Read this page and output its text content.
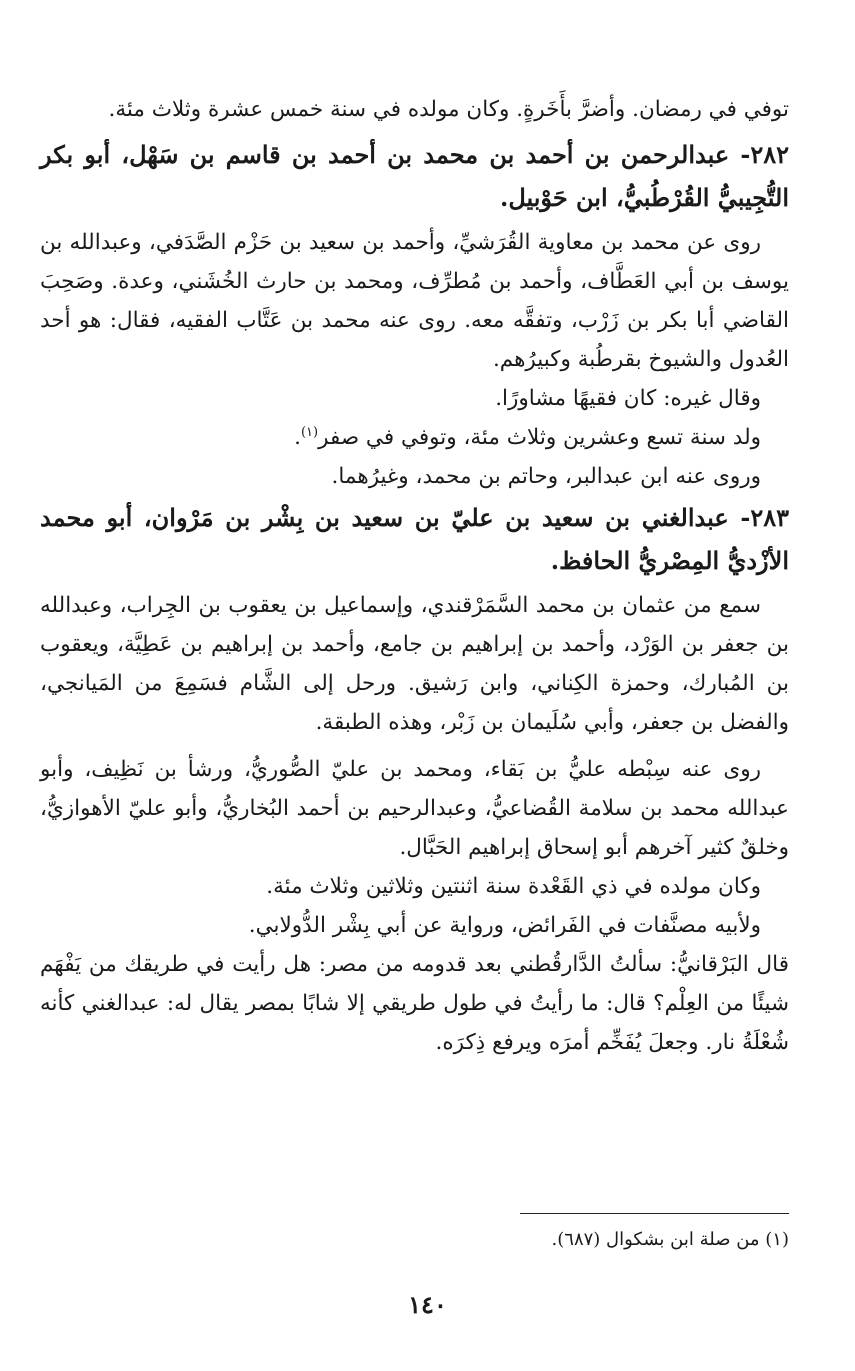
توفي في رمضان. وأضرَّ بأَخَرةٍ. وكان مولده في سنة خمس عشرة وثلاث مئة.

٢٨٢- عبدالرحمن بن أحمد بن محمد بن أحمد بن قاسم بن سَهْل، أبو بكر التُّجِيبيُّ القُرْطُبيُّ، ابن حَوْبيل.

روى عن محمد بن معاوية القُرَشيِّ، وأحمد بن سعيد بن حَزْم الصَّدَفي، وعبدالله بن يوسف بن أبي العَطَّاف، وأحمد بن مُطرِّف، ومحمد بن حارث الخُشَني، وعدة. وصَحِبَ القاضي أبا بكر بن زَرْب، وتفقَّه معه. روى عنه محمد بن عَتَّاب الفقيه، فقال: هو أحد العُدول والشيوخ بقرطُبة وكبيرُهم.

وقال غيره: كان فقيهًا مشاورًا.

ولد سنة تسع وعشرين وثلاث مئة، وتوفي في صفر$^{(١)}$.

وروى عنه ابن عبدالبر، وحاتم بن محمد، وغيرُهما.

٢٨٣- عبدالغني بن سعيد بن عليّ بن سعيد بن بِشْر بن مَرْوان، أبو محمد الأزْديُّ المِصْريُّ الحافظ.

سمع من عثمان بن محمد السَّمَرْقندي، وإسماعيل بن يعقوب بن الجِراب، وعبدالله بن جعفر بن الوَرْد، وأحمد بن إبراهيم بن جامع، وأحمد بن إبراهيم بن عَطِيَّة، ويعقوب بن المُبارك، وحمزة الكِناني، وابن رَشيق. ورحل إلى الشَّام فسَمِعَ من المَيانجي، والفضل بن جعفر، وأبي سُلَيمان بن زَبْر، وهذه الطبقة.

روى عنه سِبْطه عليُّ بن بَقاء، ومحمد بن عليّ الصُّوريُّ، ورشأ بن نَظِيف، وأبو عبدالله محمد بن سلامة القُضاعيُّ، وعبدالرحيم بن أحمد البُخاريُّ، وأبو عليّ الأهوازيُّ، وخلقٌ كثير آخرهم أبو إسحاق إبراهيم الحَبَّال.

وكان مولده في ذي القَعْدة سنة اثنتين وثلاثين وثلاث مئة.

ولأبيه مصنَّفات في الفَرائض، ورواية عن أبي بِشْر الدُّولابي.

قال البَرْقانيُّ: سألتُ الدَّارقُطني بعد قدومه من مصر: هل رأيت في طريقك من يَفْهَم شيئًا من العِلْم؟ قال: ما رأيتُ في طول طريقي إلا شابًا بمصر يقال له: عبدالغني كأنه شُعْلَةُ نار. وجعلَ يُفَخِّم أمرَه ويرفع ذِكرَه.

(١) من صلة ابن بشكوال (٦٨٧).
١٤٠
